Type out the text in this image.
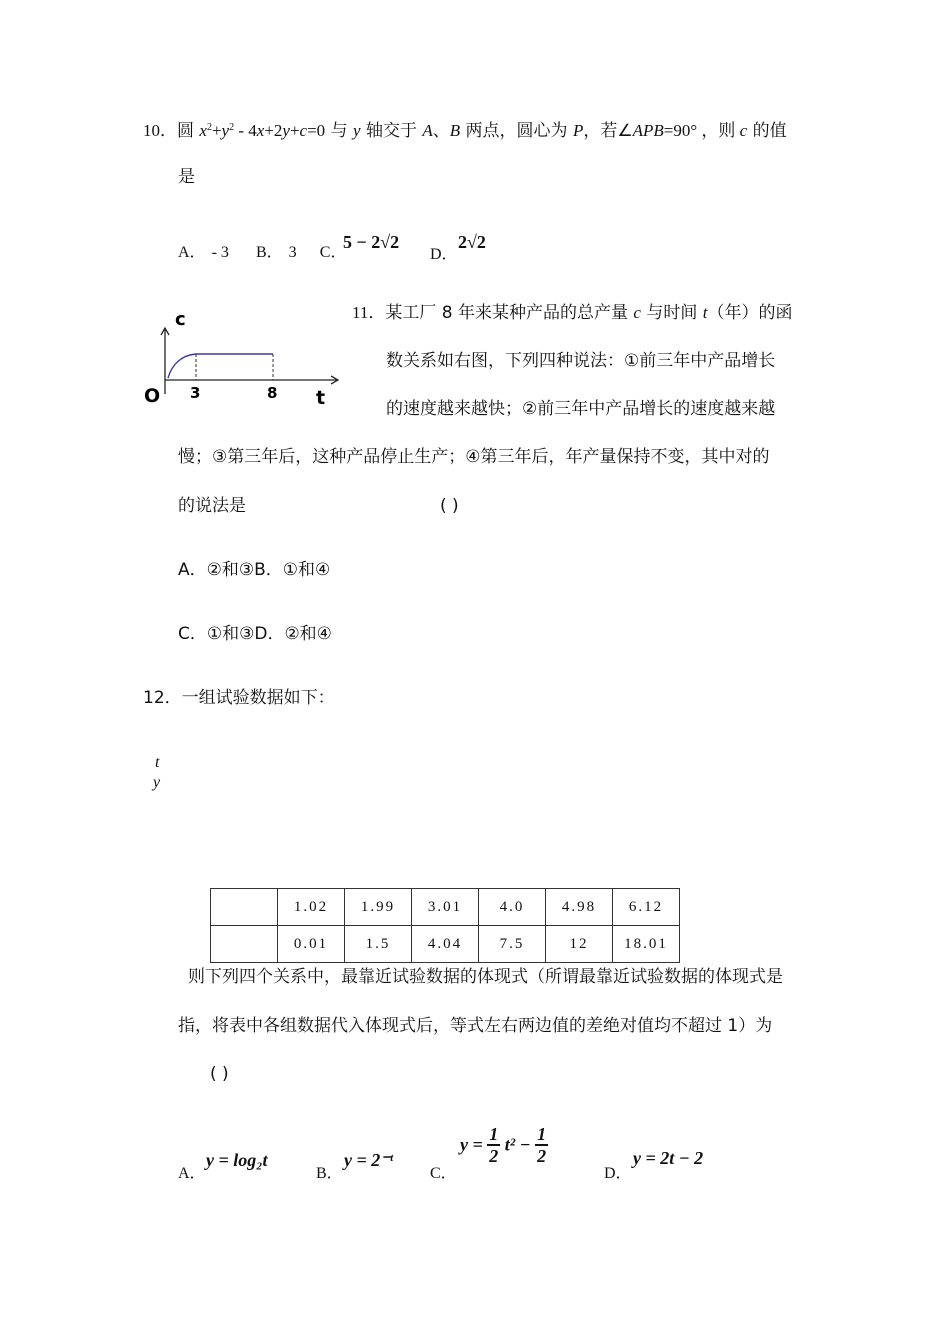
10．圆 $x^2+y^2 - 4x+2y+c=0$ 与 y 轴交于 A、B 两点，圆心为 P，若∠APB=90° ，则 c 的值
是
A． - 3 B． 3 C．
5 − 2√2
D．
2√2
c
O 3	8 t
11．某工厂 8 年来某种产品的总产量 c 与时间 t（年）的函
数关系如右图，下列四种说法：①前三年中产品增长
的速度越来越快；②前三年中产品增长的速度越来越
慢；③第三年后，这种产品停止生产；④第三年后，年产量保持不变，其中对的
的说法是	( )
A．②和③B．①和④
C．①和③D．②和④
12．一组试验数据如下：
t
y
	1.02	1.99	3.01	4.0	4.98	6.12
	0.01	1.5	4.04	7.5	12	18.01
则下列四个关系中，最靠近试验数据的体现式（所谓最靠近试验数据的体现式是
指，将表中各组数据代入体现式后，等式左右两边值的差绝对值均不超过 1）为
( )
A．
y = log₂t
B．
y = 2⁻ᵗ
C．
$y = \frac{1}{2} t^2 - \frac{1}{2}$
D．
y = 2t − 2
